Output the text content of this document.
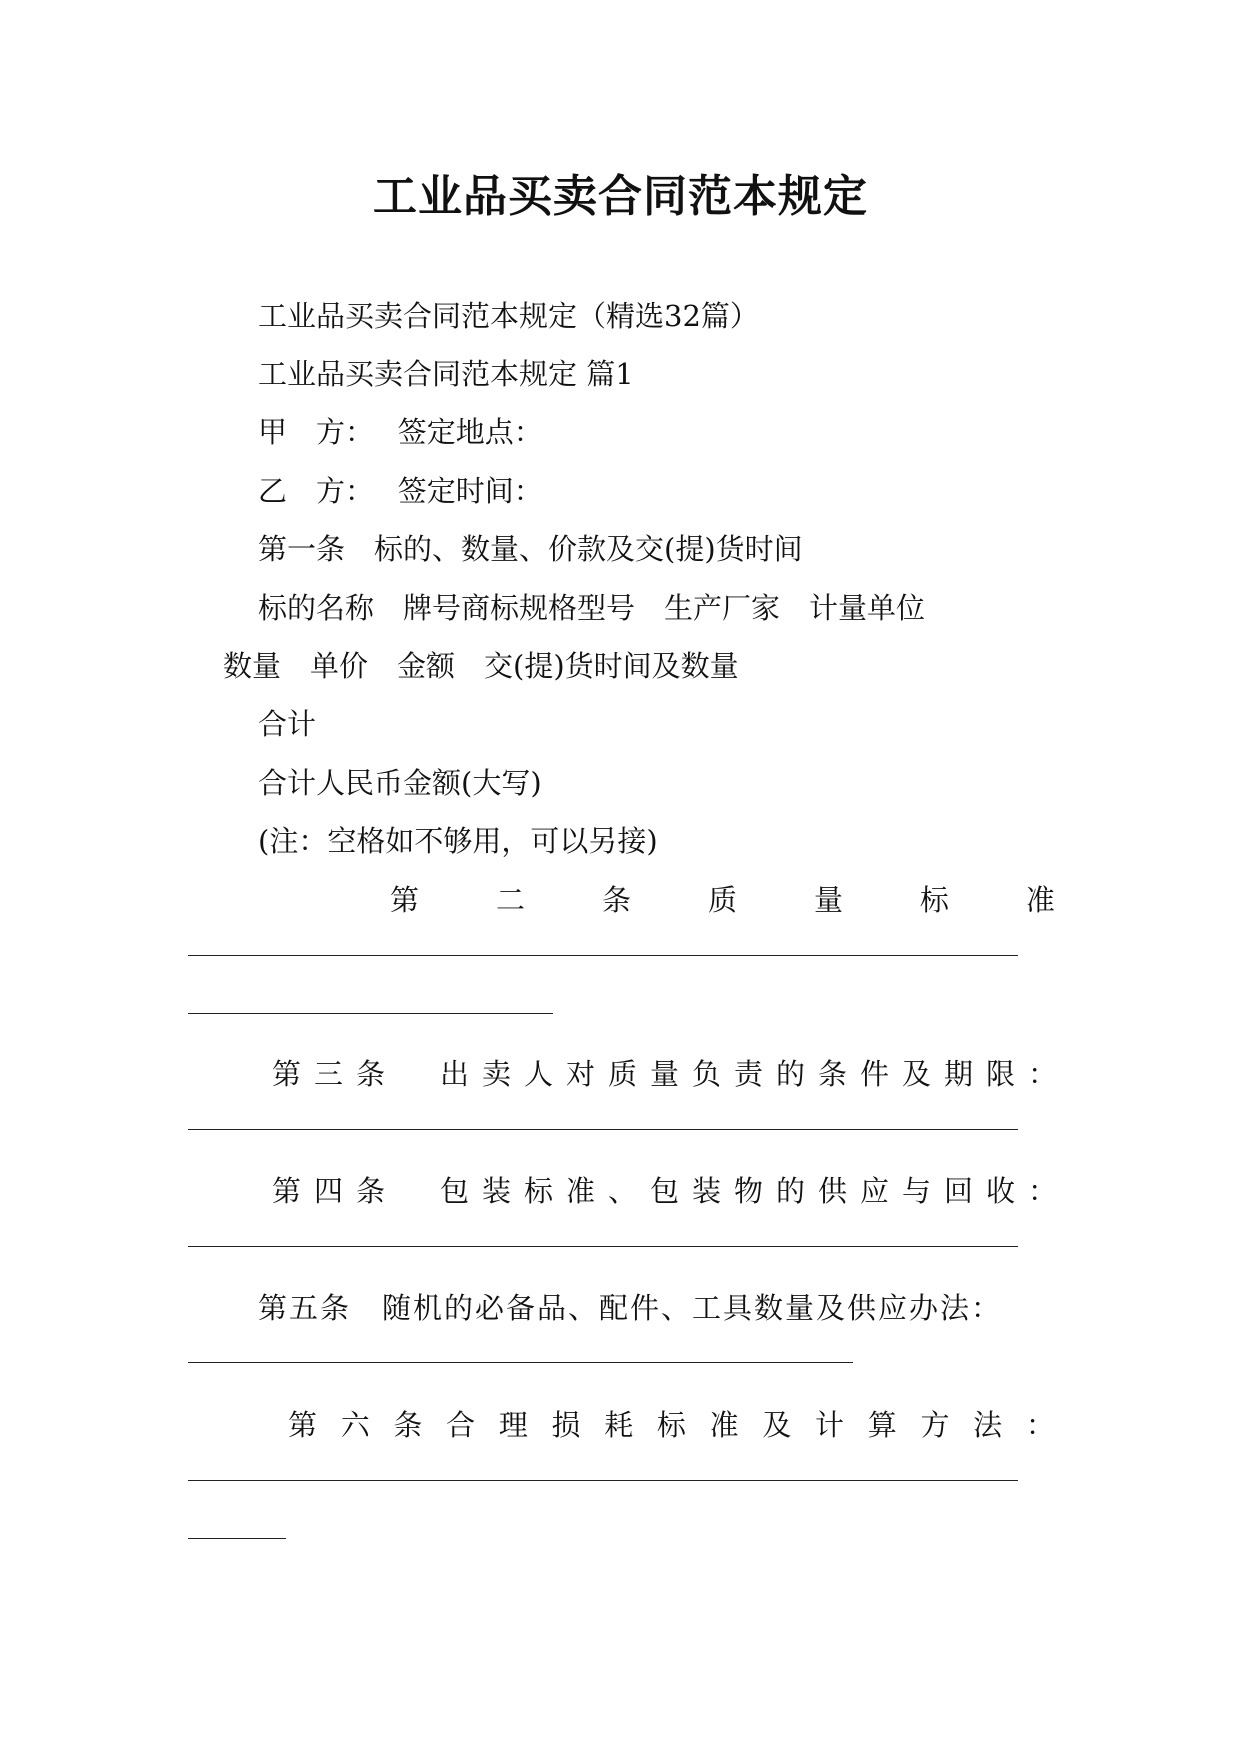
工业品买卖合同范本规定

工业品买卖合同范本规定（精选32篇）

工业品买卖合同范本规定 篇1

甲　方：　 签定地点：

乙　方：　 签定时间：

第一条　标的、数量、价款及交(提)货时间

标的名称　牌号商标规格型号　生产厂家　计量单位

数量　单价　金额　交(提)货时间及数量

合计

合计人民币金额(大写)

(注：空格如不够用，可以另接)

第	二	条	质	量	标	准

第三条　出卖人对质量负责的条件及期限：

第四条　包装标准、包装物的供应与回收：

第五条　随机的必备品、配件、工具数量及供应办法：

第 六 条 合 理 损 耗 标 准 及 计 算 方 法 ：
